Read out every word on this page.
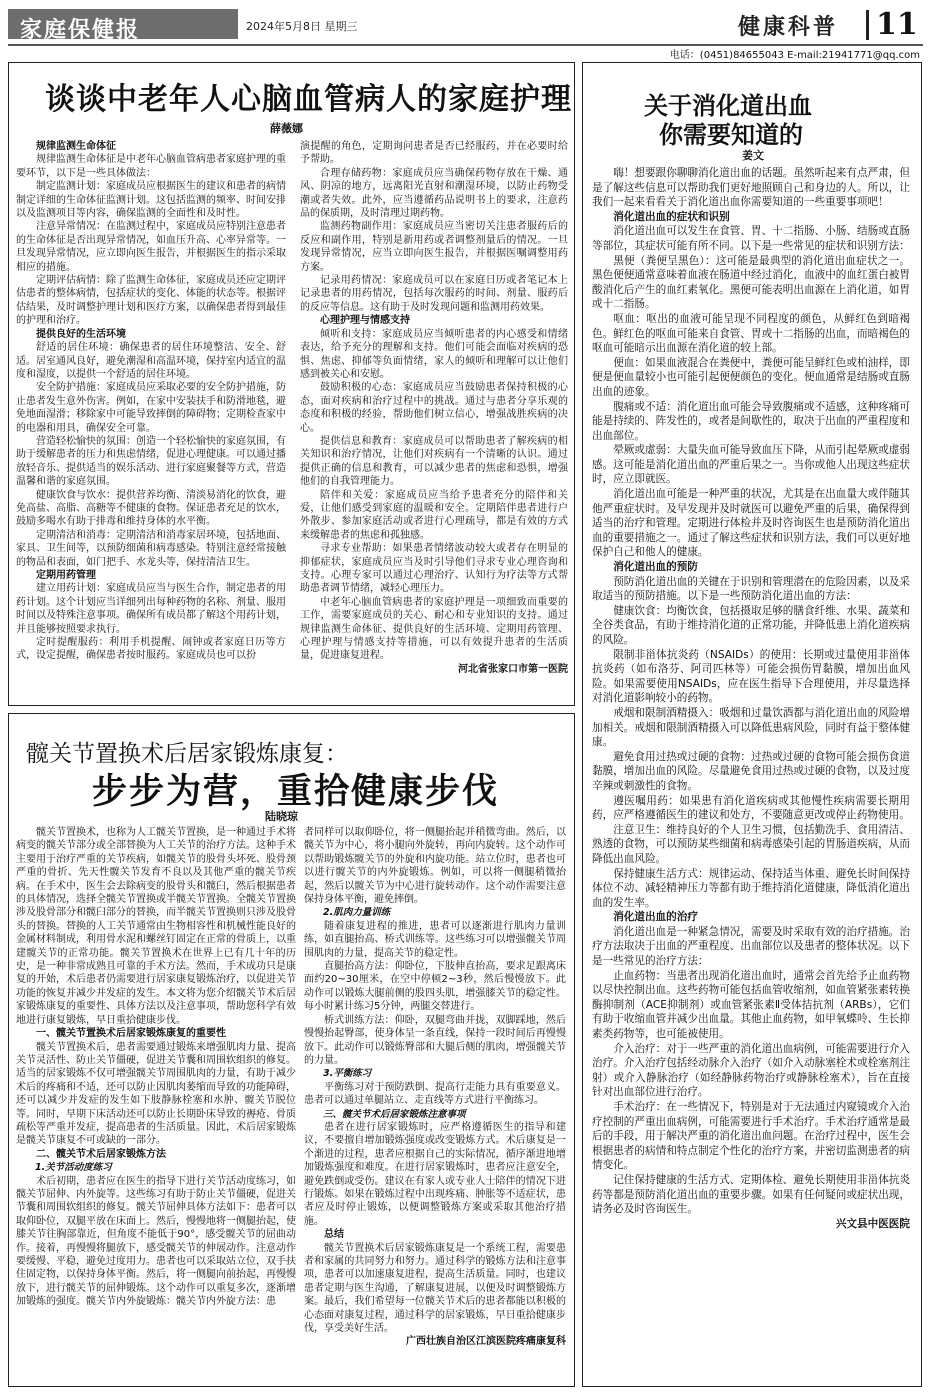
家庭保健报	2024年5月8日 星期三	健康科普 11
电话：(0451)84655043 E-mail:21941771@qq.com
谈谈中老年人心脑血管病人的家庭护理
薛薇娜

规律监测生命体征

规律监测生命体征是中老年心脑血管病患者家庭护理的重要环节，以下是一些具体做法：

制定监测计划：家庭成员应根据医生的建议和患者的病情制定详细的生命体征监测计划。这包括监测的频率、时间安排以及监测项目等内容，确保监测的全面性和及时性。

注意异常情况：在监测过程中，家庭成员应特别注意患者的生命体征是否出现异常情况，如血压升高、心率异常等。一旦发现异常情况，应立即向医生报告，并根据医生的指示采取相应的措施。

定期评估病情：除了监测生命体征，家庭成员还应定期评估患者的整体病情，包括症状的变化、体能的状态等。根据评估结果，及时调整护理计划和医疗方案，以确保患者得到最佳的护理和治疗。

提供良好的生活环境

舒适的居住环境：确保患者的居住环境整洁、安全、舒适。居室通风良好，避免潮湿和高温环境，保持室内适宜的温度和湿度，以提供一个舒适的居住环境。

安全防护措施：家庭成员应采取必要的安全防护措施，防止患者发生意外伤害。例如，在家中安装扶手和防滑地毯，避免地面湿滑；移除家中可能导致摔倒的障碍物；定期检查家中的电器和用具，确保安全可靠。

营造轻松愉快的氛围：创造一个轻松愉快的家庭氛围，有助于缓解患者的压力和焦虑情绪，促进心理健康。可以通过播放轻音乐、提供适当的娱乐活动、进行家庭聚餐等方式，营造温馨和谐的家庭氛围。

健康饮食与饮水：提供营养均衡、清淡易消化的饮食，避免高盐、高脂、高糖等不健康的食物。保证患者充足的饮水，鼓励多喝水有助于排毒和维持身体的水平衡。

定期清洁和消毒：定期清洁和消毒家居环境，包括地面、家具、卫生间等，以预防细菌和病毒感染。特别注意经常接触的物品和表面，如门把手、水龙头等，保持清洁卫生。

定期用药管理

建立用药计划：家庭成员应当与医生合作，制定患者的用药计划。这个计划应当详细列出每种药物的名称、剂量、服用时间以及特殊注意事项。确保所有成员都了解这个用药计划，并且能够按照要求执行。

定时提醒服药：利用手机提醒、闹钟或者家庭日历等方式，设定提醒，确保患者按时服药。家庭成员也可以扮

演提醒的角色，定期询问患者是否已经服药，并在必要时给予帮助。

合理存储药物：家庭成员应当确保药物存放在干燥、通风、阴凉的地方，远离阳光直射和潮湿环境，以防止药物受潮或者失效。此外，应当遵循药品说明书上的要求，注意药品的保质期，及时清理过期药物。

监测药物副作用：家庭成员应当密切关注患者服药后的反应和副作用，特别是新用药或者调整剂量后的情况。一旦发现异常情况，应当立即向医生报告，并根据医嘱调整用药方案。

记录用药情况：家庭成员可以在家庭日历或者笔记本上记录患者的用药情况，包括每次服药的时间、剂量、服药后的反应等信息。这有助于及时发现问题和监测用药效果。

心理护理与情感支持

倾听和支持：家庭成员应当倾听患者的内心感受和情绪表达，给予充分的理解和支持。他们可能会面临对疾病的恐惧、焦虑、抑郁等负面情绪，家人的倾听和理解可以让他们感到被关心和安慰。

鼓励积极的心态：家庭成员应当鼓励患者保持积极的心态，面对疾病和治疗过程中的挑战。通过与患者分享乐观的态度和积极的经验，帮助他们树立信心，增强战胜疾病的决心。

提供信息和教育：家庭成员可以帮助患者了解疾病的相关知识和治疗情况，让他们对疾病有一个清晰的认识。通过提供正确的信息和教育，可以减少患者的焦虑和恐惧，增强他们的自我管理能力。

陪伴和关爱：家庭成员应当给予患者充分的陪伴和关爱，让他们感受到家庭的温暖和安全。定期陪伴患者进行户外散步、参加家庭活动或者进行心理疏导，都是有效的方式来缓解患者的焦虑和孤独感。

寻求专业帮助：如果患者情绪波动较大或者存在明显的抑郁症状，家庭成员应当及时引导他们寻求专业心理咨询和支持。心理专家可以通过心理治疗、认知行为疗法等方式帮助患者调节情绪，减轻心理压力。

中老年心脑血管病患者的家庭护理是一项细致而重要的工作，需要家庭成员的关心、耐心和专业知识的支持。通过规律监测生命体征、提供良好的生活环境、定期用药管理、心理护理与情感支持等措施，可以有效提升患者的生活质量，促进康复进程。

河北省张家口市第一医院

髋关节置换术后居家锻炼康复：
步步为营，重拾健康步伐
陆晓琼

髋关节置换术，也称为人工髋关节置换，是一种通过手术将病变的髋关节部分或全部替换为人工关节的治疗方法。这种手术主要用于治疗严重的关节疾病，如髋关节的股骨头坏死、股骨颈严重的骨折、先天性髋关节发育不良以及其他严重的髋关节疾病。在手术中，医生会去除病变的股骨头和髋臼，然后根据患者的具体情况，选择全髋关节置换或半髋关节置换。全髋关节置换涉及股骨部分和髋臼部分的替换，而半髋关节置换则只涉及股骨头的替换。替换的人工关节通常由生物相容性和机械性能良好的金属材料制成，利用骨水泥和螺丝钉固定在正常的骨质上，以重建髋关节的正常功能。髋关节置换术在世界上已有几十年的历史，是一种非常成熟且可靠的手术方法。然而，手术成功只是康复的开始，术后患者仍需要进行居家康复锻炼治疗，以促进关节功能的恢复并减少并发症的发生。本文将为您介绍髋关节术后居家锻炼康复的重要性、具体方法以及注意事项，帮助您科学有效地进行康复锻炼，早日重拾健康步伐。

一、髋关节置换术后居家锻炼康复的重要性

髋关节置换术后，患者需要通过锻炼来增强肌肉力量、提高关节灵活性、防止关节僵硬，促进关节囊和周围软组织的修复。适当的居家锻炼不仅可增强髋关节周围肌肉的力量，有助于减少术后的疼痛和不适，还可以防止因肌肉萎缩而导致的功能障碍，还可以减少并发症的发生如下肢静脉栓塞和水肿、髋关节脱位等。同时，早期下床活动还可以防止长期卧床导致的褥疮、骨质疏松等严重并发症，提高患者的生活质量。因此，术后居家锻炼是髋关节康复不可或缺的一部分。

二、髋关节术后居家锻炼方法

1.关节活动度练习

术后初期，患者应在医生的指导下进行关节活动度练习，如髋关节屈伸、内外旋等。这些练习有助于防止关节僵硬，促进关节囊和周围软组织的修复。髋关节屈伸具体方法如下：患者可以取仰卧位，双腿平放在床面上。然后，慢慢地将一侧腿抬起，使膝关节往胸部靠近，但角度不能低于90°，感受髋关节的屈曲动作。接着，再慢慢将腿放下，感受髋关节的伸展动作。注意动作要缓慢、平稳，避免过度用力。患者也可以采取站立位，双手扶住固定物，以保持身体平衡。然后，将一侧腿向前抬起，再慢慢放下，进行髋关节的屈伸锻炼。这个动作可以重复多次，逐渐增加锻炼的强度。髋关节内外旋锻炼：髋关节内外旋方法：患

者同样可以取仰卧位，将一侧腿抬起并稍微弯曲。然后，以髋关节为中心，将小腿向外旋转，再向内旋转。这个动作可以帮助锻炼髋关节的外旋和内旋功能。站立位时，患者也可以进行髋关节的内外旋锻炼。例如，可以将一侧腿稍微抬起，然后以髋关节为中心进行旋转动作。这个动作需要注意保持身体平衡，避免摔倒。

2.肌肉力量训练

随着康复进程的推进，患者可以逐渐进行肌肉力量训练，如直腿抬高、桥式训练等。这些练习可以增强髋关节周围肌肉的力量，提高关节的稳定性。

直腿抬高方法：仰卧位，下肢伸直抬高，要求足跟离床面约20~30厘米，在空中停顿2~3秒，然后慢慢放下。此动作可以锻炼大腿前侧的股四头肌，增强膝关节的稳定性。每小时累计练习5分钟，两腿交替进行。

桥式训练方法：仰卧，双腿弯曲并拢，双脚踩地，然后慢慢抬起臀部，使身体呈一条直线，保持一段时间后再慢慢放下。此动作可以锻炼臀部和大腿后侧的肌肉，增强髋关节的力量。

3.平衡练习

平衡练习对于预防跌倒、提高行走能力具有重要意义。患者可以通过单腿站立、走直线等方式进行平衡练习。

三、髋关节术后居家锻炼注意事项

患者在进行居家锻炼时，应严格遵循医生的指导和建议，不要擅自增加锻炼强度或改变锻炼方式。术后康复是一个渐进的过程，患者应根据自己的实际情况，循序渐进地增加锻炼强度和难度。在进行居家锻炼时，患者应注意安全，避免跌倒或受伤。建议在有家人或专业人士陪伴的情况下进行锻炼。如果在锻炼过程中出现疼痛、肿胀等不适症状，患者应及时停止锻炼，以便调整锻炼方案或采取其他治疗措施。

总结

髋关节置换术后居家锻炼康复是一个系统工程，需要患者和家属的共同努力和努力。通过科学的锻炼方法和注意事项，患者可以加速康复进程，提高生活质量。同时，也建议患者定期与医生沟通，了解康复进展，以便及时调整锻炼方案。最后，我们希望每一位髋关节术后的患者都能以积极的心态面对康复过程，通过科学的居家锻炼，早日重拾健康步伐，享受美好生活。

广西壮族自治区江滨医院疼痛康复科

关于消化道出血
你需要知道的
姜文

嗨！想要跟你聊聊消化道出血的话题。虽然听起来有点严肃，但是了解这些信息可以帮助我们更好地照顾自己和身边的人。所以，让我们一起来看看关于消化道出血你需要知道的一些重要事项吧！

消化道出血的症状和识别

消化道出血可以发生在食管、胃、十二指肠、小肠、结肠或直肠等部位，其症状可能有所不同。以下是一些常见的症状和识别方法：

黑便（粪便呈黑色）：这可能是最典型的消化道出血症状之一。黑色便便通常意味着血液在肠道中经过消化，血液中的血红蛋白被胃酸消化后产生的血红素氧化。黑便可能表明出血源在上消化道，如胃或十二指肠。

呕血：呕出的血液可能呈现不同程度的颜色，从鲜红色到暗褐色。鲜红色的呕血可能来自食管、胃或十二指肠的出血，而暗褐色的呕血可能暗示出血源在消化道的较上部。

便血：如果血液混合在粪便中，粪便可能呈鲜红色或柏油样，即便是便血量较小也可能引起便便颜色的变化。便血通常是结肠或直肠出血的迹象。

腹痛或不适：消化道出血可能会导致腹痛或不适感，这种疼痛可能是持续的、阵发性的，或者是间歇性的，取决于出血的严重程度和出血部位。

晕厥或虚弱：大量失血可能导致血压下降，从而引起晕厥或虚弱感。这可能是消化道出血的严重后果之一。当你或他人出现这些症状时，应立即就医。

消化道出血可能是一种严重的状况，尤其是在出血量大或伴随其他严重症状时。及早发现并及时就医可以避免严重的后果，确保得到适当的治疗和管理。定期进行体检并及时咨询医生也是预防消化道出血的重要措施之一。通过了解这些症状和识别方法，我们可以更好地保护自己和他人的健康。

消化道出血的预防

预防消化道出血的关键在于识别和管理潜在的危险因素，以及采取适当的预防措施。以下是一些预防消化道出血的方法：

健康饮食：均衡饮食，包括摄取足够的膳食纤维、水果、蔬菜和全谷类食品，有助于维持消化道的正常功能，并降低患上消化道疾病的风险。

限制非甾体抗炎药（NSAIDs）的使用：长期或过量使用非甾体抗炎药（如布洛芬、阿司匹林等）可能会损伤胃黏膜，增加出血风险。如果需要使用NSAIDs，应在医生指导下合理使用，并尽量选择对消化道影响较小的药物。

戒烟和限制酒精摄入：吸烟和过量饮酒都与消化道出血的风险增加相关。戒烟和限制酒精摄入可以降低患病风险，同时有益于整体健康。

避免食用过热或过硬的食物：过热或过硬的食物可能会损伤食道黏膜，增加出血的风险。尽量避免食用过热或过硬的食物，以及过度辛辣或刺激性的食物。

遵医嘱用药：如果患有消化道疾病或其他慢性疾病需要长期用药，应严格遵循医生的建议和处方，不要随意更改或停止药物使用。

注意卫生：维持良好的个人卫生习惯，包括勤洗手、食用清洁、熟透的食物，可以预防某些细菌和病毒感染引起的胃肠道疾病，从而降低出血风险。

保持健康生活方式：规律运动、保持适当体重、避免长时间保持体位不动、减轻精神压力等都有助于维持消化道健康，降低消化道出血的发生率。

消化道出血的治疗

消化道出血是一种紧急情况，需要及时采取有效的治疗措施。治疗方法取决于出血的严重程度、出血部位以及患者的整体状况。以下是一些常见的治疗方法：

止血药物：当患者出现消化道出血时，通常会首先给予止血药物以尽快控制出血。这些药物可能包括血管收缩剂，如血管紧张素转换酶抑制剂（ACE抑制剂）或血管紧张素Ⅱ受体拮抗剂（ARBs），它们有助于收缩血管并减少出血量。其他止血药物，如甲氧蝶呤、生长抑素类药物等，也可能被使用。

介入治疗：对于一些严重的消化道出血病例，可能需要进行介入治疗。介入治疗包括经动脉介入治疗（如介入动脉塞栓术或栓塞剂注射）或介入静脉治疗（如经静脉药物治疗或静脉栓塞术），旨在直接针对出血部位进行治疗。

手术治疗：在一些情况下，特别是对于无法通过内窥镜或介入治疗控制的严重出血病例，可能需要进行手术治疗。手术治疗通常是最后的手段，用于解决严重的消化道出血问题。在治疗过程中，医生会根据患者的病情和特点制定个性化的治疗方案，并密切监测患者的病情变化。

记住保持健康的生活方式、定期体检、避免长期使用非甾体抗炎药等都是预防消化道出血的重要步骤。如果有任何疑问或症状出现，请务必及时咨询医生。

兴文县中医医院
